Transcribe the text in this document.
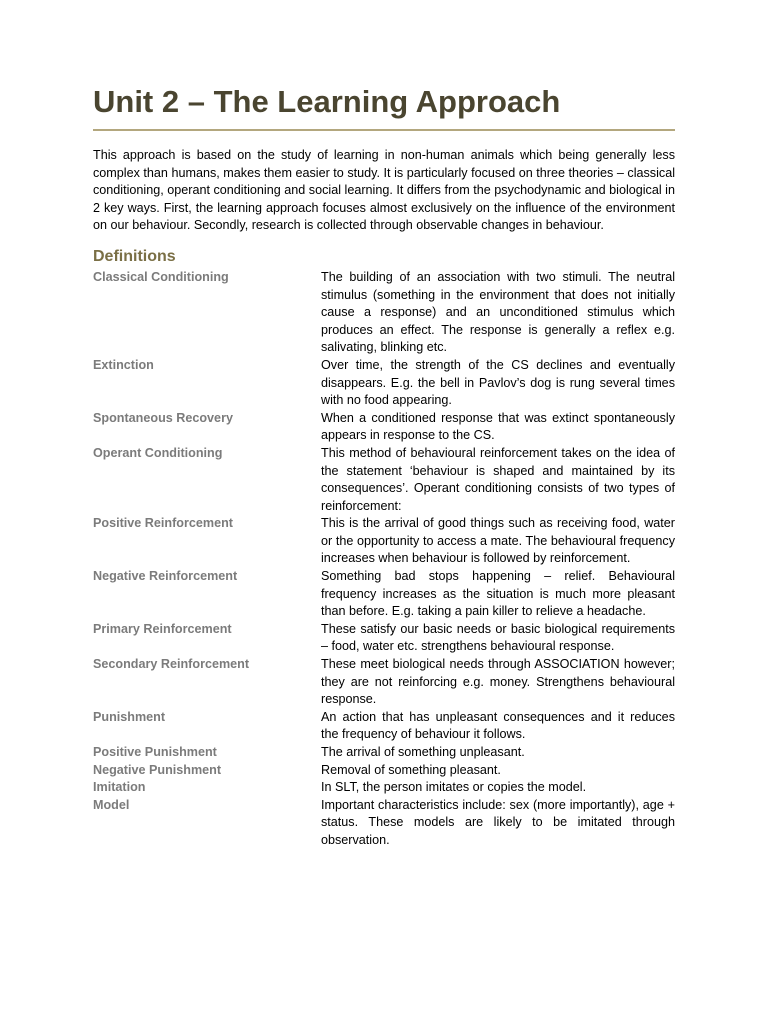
Unit 2 – The Learning Approach

This approach is based on the study of learning in non-human animals which being generally less complex than humans, makes them easier to study. It is particularly focused on three theories – classical conditioning, operant conditioning and social learning. It differs from the psychodynamic and biological in 2 key ways. First, the learning approach focuses almost exclusively on the influence of the environment on our behaviour. Secondly, research is collected through observable changes in behaviour.

Definitions
Classical Conditioning	The building of an association with two stimuli. The neutral stimulus (something in the environment that does not initially cause a response) and an unconditioned stimulus which produces an effect. The response is generally a reflex e.g. salivating, blinking etc.
Extinction	Over time, the strength of the CS declines and eventually disappears. E.g. the bell in Pavlov’s dog is rung several times with no food appearing.
Spontaneous Recovery	When a conditioned response that was extinct spontaneously appears in response to the CS.
Operant Conditioning	This method of behavioural reinforcement takes on the idea of the statement ‘behaviour is shaped and maintained by its consequences’. Operant conditioning consists of two types of reinforcement:
Positive Reinforcement	This is the arrival of good things such as receiving food, water or the opportunity to access a mate. The behavioural frequency increases when behaviour is followed by reinforcement.
Negative Reinforcement	Something bad stops happening – relief. Behavioural frequency increases as the situation is much more pleasant than before. E.g. taking a pain killer to relieve a headache.
Primary Reinforcement	These satisfy our basic needs or basic biological requirements – food, water etc. strengthens behavioural response.
Secondary Reinforcement	These meet biological needs through ASSOCIATION however; they are not reinforcing e.g. money. Strengthens behavioural response.
Punishment	An action that has unpleasant consequences and it reduces the frequency of behaviour it follows.
Positive Punishment	The arrival of something unpleasant.
Negative Punishment	Removal of something pleasant.
Imitation	In SLT, the person imitates or copies the model.
Model	Important characteristics include: sex (more importantly), age + status. These models are likely to be imitated through observation.
